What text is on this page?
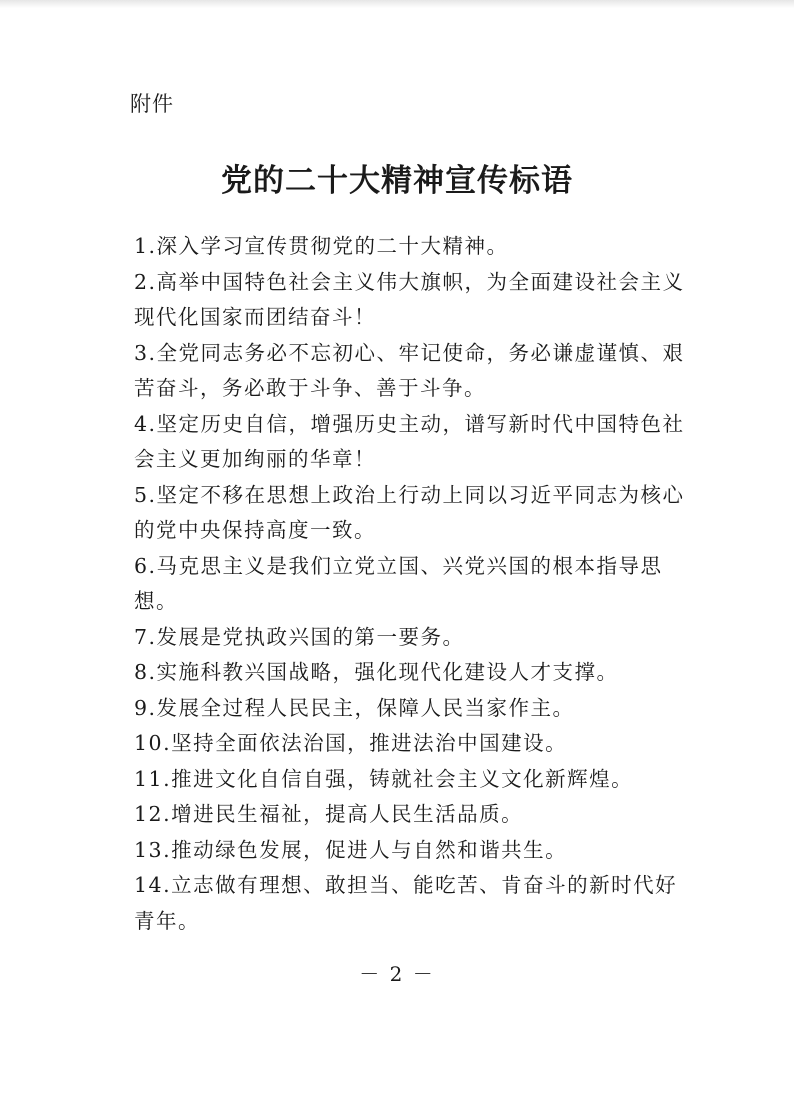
附件
党的二十大精神宣传标语
1.深入学习宣传贯彻党的二十大精神。
2.高举中国特色社会主义伟大旗帜，为全面建设社会主义现代化国家而团结奋斗！
3.全党同志务必不忘初心、牢记使命，务必谦虚谨慎、艰苦奋斗，务必敢于斗争、善于斗争。
4.坚定历史自信，增强历史主动，谱写新时代中国特色社会主义更加绚丽的华章！
5.坚定不移在思想上政治上行动上同以习近平同志为核心的党中央保持高度一致。
6.马克思主义是我们立党立国、兴党兴国的根本指导思想。
7.发展是党执政兴国的第一要务。
8.实施科教兴国战略，强化现代化建设人才支撑。
9.发展全过程人民民主，保障人民当家作主。
10.坚持全面依法治国，推进法治中国建设。
11.推进文化自信自强，铸就社会主义文化新辉煌。
12.增进民生福祉，提高人民生活品质。
13.推动绿色发展，促进人与自然和谐共生。
14.立志做有理想、敢担当、能吃苦、肯奋斗的新时代好青年。
－ 2 －
